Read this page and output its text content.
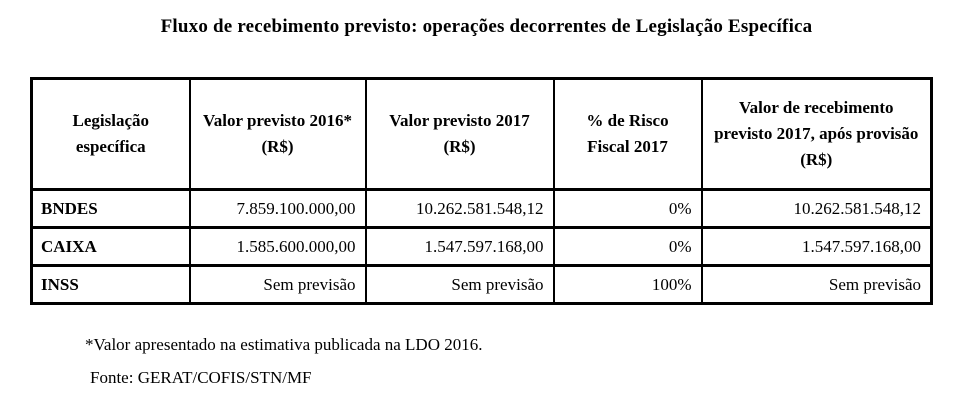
Fluxo de recebimento previsto: operações decorrentes de Legislação Específica
Legislação específica	Valor previsto 2016* (R$)	Valor previsto 2017 (R$)	% de Risco Fiscal 2017	Valor de recebimento previsto 2017, após provisão (R$)
BNDES	7.859.100.000,00	10.262.581.548,12	0%	10.262.581.548,12
CAIXA	1.585.600.000,00	1.547.597.168,00	0%	1.547.597.168,00
INSS	Sem previsão	Sem previsão	100%	Sem previsão
*Valor apresentado na estimativa publicada na LDO 2016.
Fonte: GERAT/COFIS/STN/MF
